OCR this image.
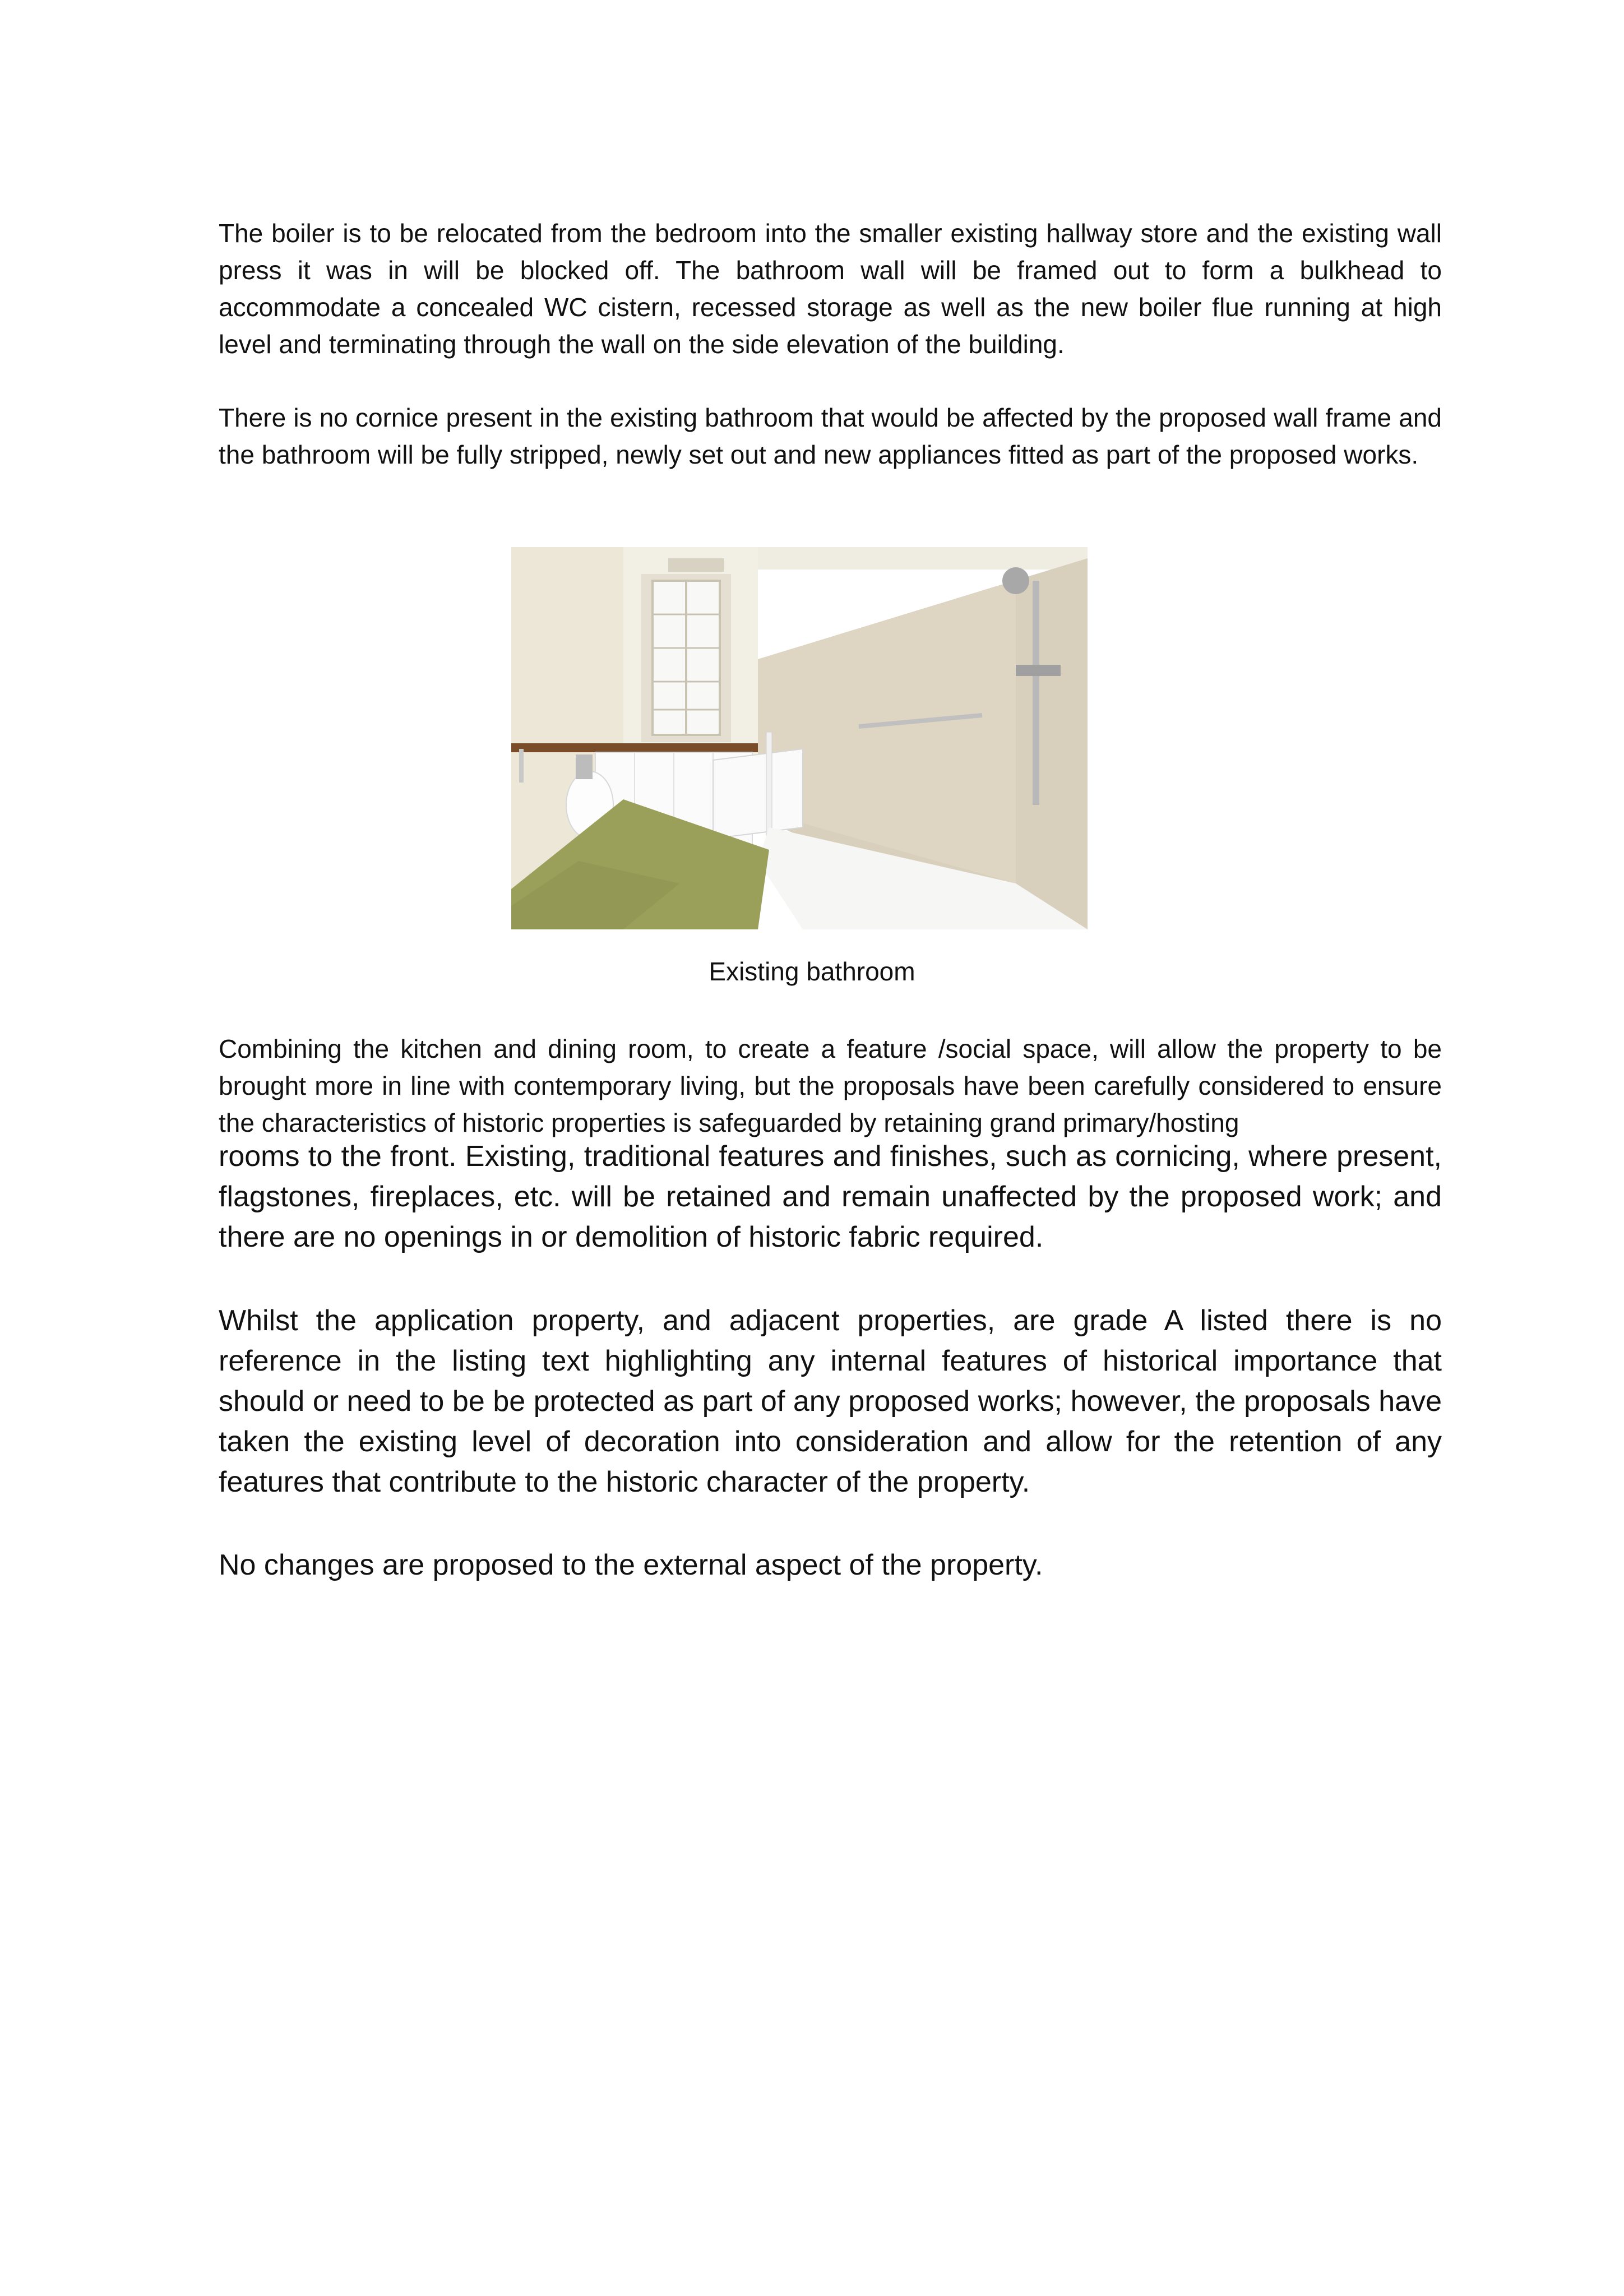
The boiler is to be relocated from the bedroom into the smaller existing hallway store and the existing wall press it was in will be blocked off. The bathroom wall will be framed out to form a bulkhead to accommodate a concealed WC cistern, recessed storage as well as the new boiler flue running at high level and terminating through the wall on the side elevation of the building.

There is no cornice present in the existing bathroom that would be affected by the proposed wall frame and the bathroom will be fully stripped, newly set out and new appliances fitted as part of the proposed works.

Existing bathroom

Combining the kitchen and dining room, to create a feature /social space, will allow the property to be brought more in line with contemporary living, but the proposals have been carefully considered to ensure the characteristics of historic properties is safeguarded by retaining grand primary/hosting

rooms to the front. Existing, traditional features and finishes, such as cornicing, where present, flagstones, fireplaces, etc. will be retained and remain unaffected by the proposed work; and there are no openings in or demolition of historic fabric required.

Whilst the application property, and adjacent properties, are grade A listed there is no reference in the listing text highlighting any internal features of historical importance that should or need to be be protected as part of any proposed works; however, the proposals have taken the existing level of decoration into consideration and allow for the retention of any features that contribute to the historic character of the property.

No changes are proposed to the external aspect of the property.
